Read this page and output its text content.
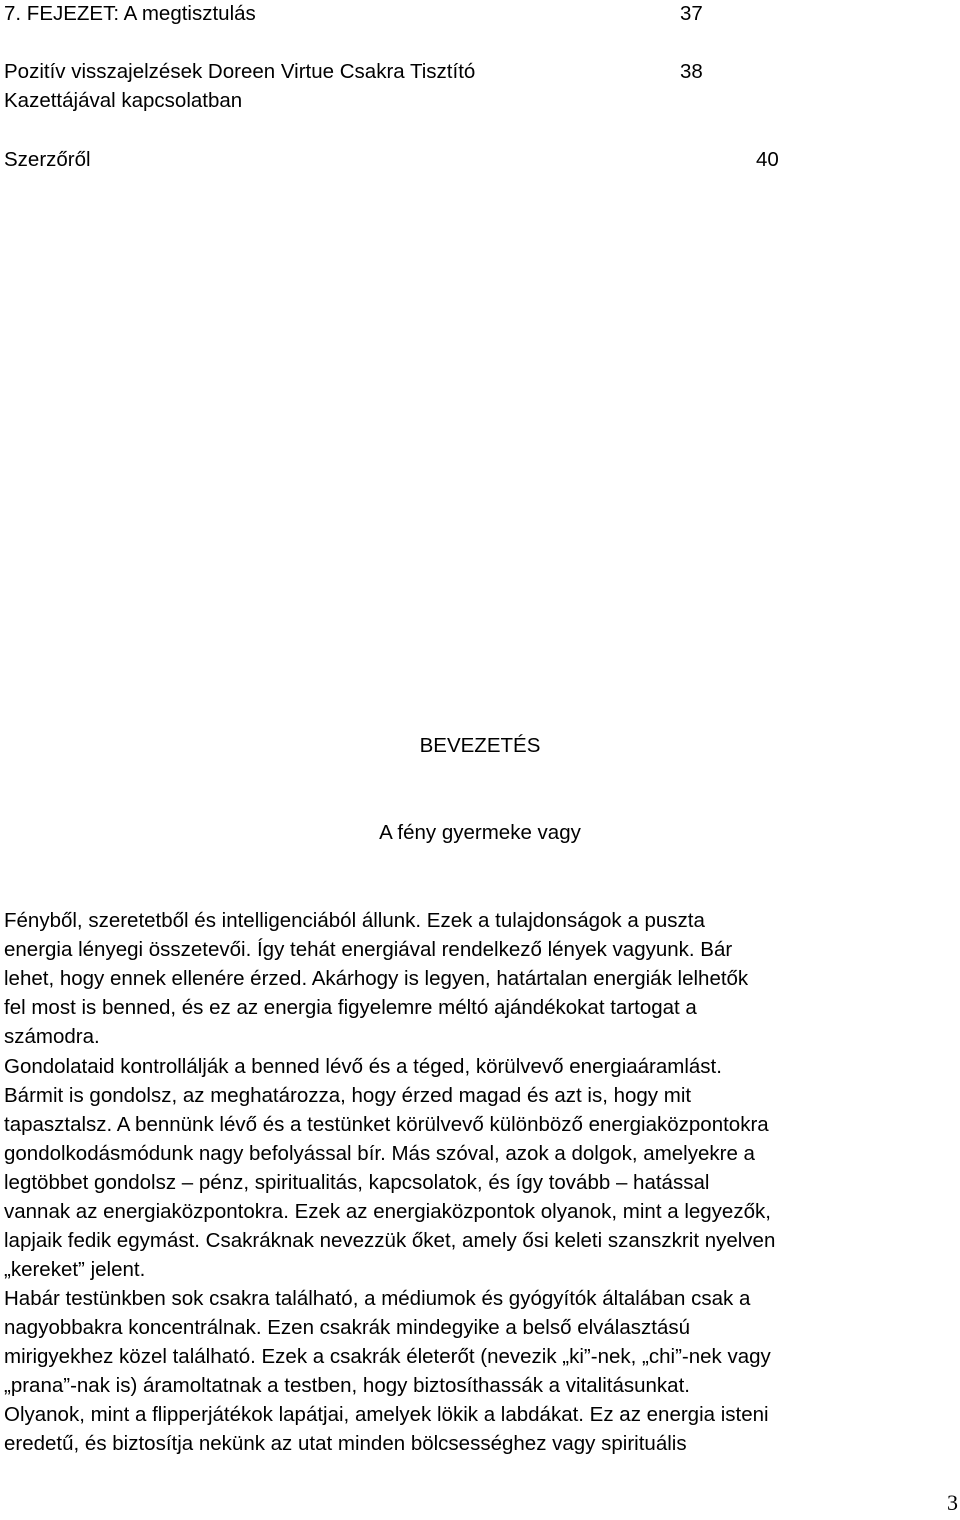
7. FEJEZET: A megtisztulás	37
Pozitív visszajelzések Doreen Virtue Csakra Tisztító
Kazettájával kapcsolatban
38
Szerzőről	40
BEVEZETÉS
A fény gyermeke vagy
Fényből, szeretetből és intelligenciából állunk. Ezek a tulajdonságok a puszta
energia lényegi összetevői. Így tehát energiával rendelkező lények vagyunk. Bár
lehet, hogy ennek ellenére érzed. Akárhogy is legyen, határtalan energiák lelhetők
fel most is benned, és ez az energia figyelemre méltó ajándékokat tartogat a
számodra.
Gondolataid kontrollálják a benned lévő és a téged, körülvevő energiaáramlást.
Bármit is gondolsz, az meghatározza, hogy érzed magad és azt is, hogy mit
tapasztalsz. A bennünk lévő és a testünket körülvevő különböző energiaközpontokra
gondolkodásmódunk nagy befolyással bír. Más szóval, azok a dolgok, amelyekre a
legtöbbet gondolsz – pénz, spiritualitás, kapcsolatok, és így tovább – hatással
vannak az energiaközpontokra. Ezek az energiaközpontok olyanok, mint a legyezők,
lapjaik fedik egymást. Csakráknak nevezzük őket, amely ősi keleti szanszkrit nyelven
„kereket” jelent.
Habár testünkben sok csakra található, a médiumok és gyógyítók általában csak a
nagyobbakra koncentrálnak. Ezen csakrák mindegyike a belső elválasztású
mirigyekhez közel található. Ezek a csakrák életerőt (nevezik „ki”-nek, „chi”-nek vagy
„prana”-nak is) áramoltatnak a testben, hogy biztosíthassák a vitalitásunkat.
Olyanok, mint a flipperjátékok lapátjai, amelyek lökik a labdákat. Ez az energia isteni
eredetű, és biztosítja nekünk az utat minden bölcsességhez vagy spirituális
3
